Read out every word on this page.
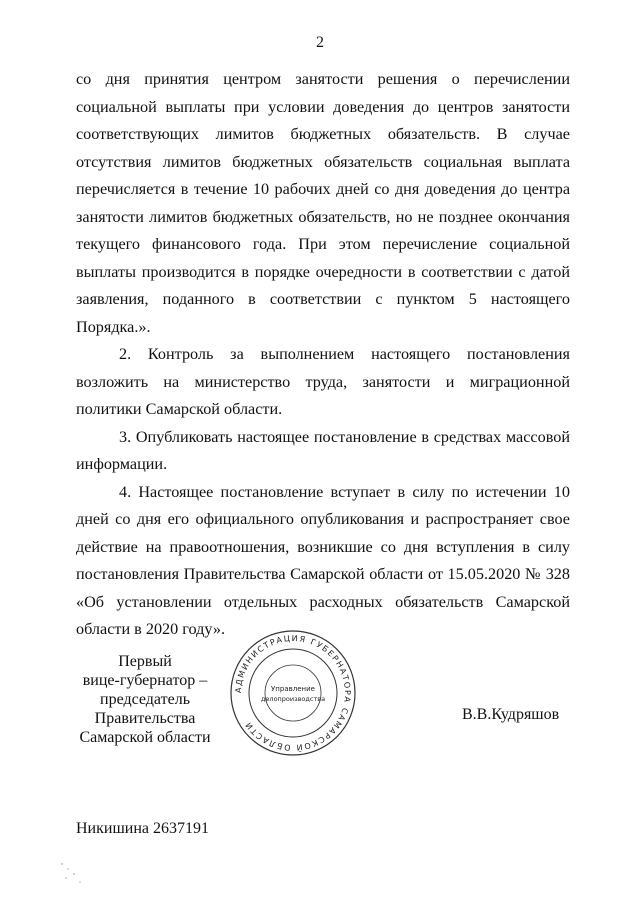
2

со дня принятия центром занятости решения о перечислении социальной выплаты при условии доведения до центров занятости соответствующих лимитов бюджетных обязательств. В случае отсутствия лимитов бюджетных обязательств социальная выплата перечисляется в течение 10 рабочих дней со дня доведения до центра занятости лимитов бюджетных обязательств, но не позднее окончания текущего финансового года. При этом перечисление социальной выплаты производится в порядке очередности в соответствии с датой заявления, поданного в соответствии с пунктом 5 настоящего Порядка.».

2. Контроль за выполнением настоящего постановления возложить на министерство труда, занятости и миграционной политики Самарской области.

3. Опубликовать настоящее постановление в средствах массовой информации.

4. Настоящее постановление вступает в силу по истечении 10 дней со дня его официального опубликования и распространяет свое действие на правоотношения, возникшие со дня вступления в силу постановления Правительства Самарской области от 15.05.2020 № 328 «Об установлении отдельных расходных обязательств Самарской области в 2020 году».

Первый
вице-губернатор –
председатель Правительства
Самарской области
АДМИНИСТРАЦИЯ ГУБЕРНАТОРА САМАРСКОЙ ОБЛАСТИ
Управление
делопроизводства
В.В.Кудряшов
Никишина 2637191
